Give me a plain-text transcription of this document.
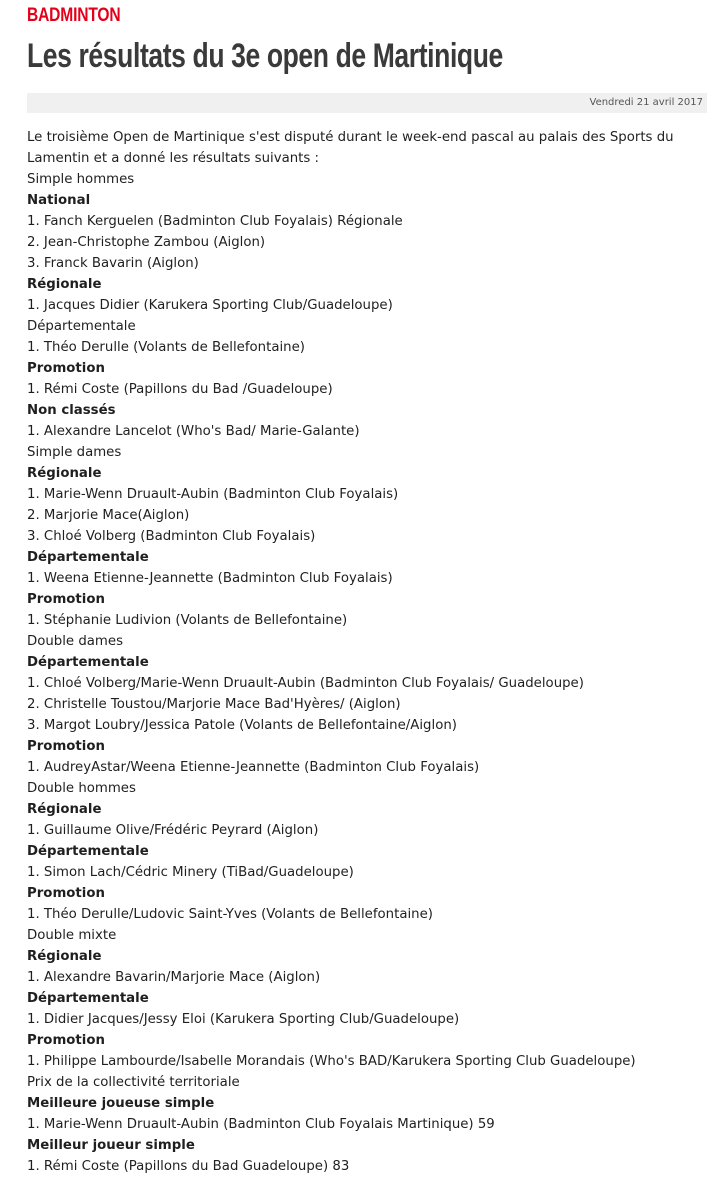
BADMINTON
Les résultats du 3e open de Martinique
Vendredi 21 avril 2017

Le troisième Open de Martinique s'est disputé durant le week-end pascal au palais des Sports du Lamentin et a donné les résultats suivants :

Simple hommes
National
1. Fanch Kerguelen (Badminton Club Foyalais) Régionale
2. Jean-Christophe Zambou (Aiglon)
3. Franck Bavarin (Aiglon)
Régionale
1. Jacques Didier (Karukera Sporting Club/Guadeloupe)
Départementale
1. Théo Derulle (Volants de Bellefontaine)
Promotion
1. Rémi Coste (Papillons du Bad /Guadeloupe)
Non classés
1. Alexandre Lancelot (Who's Bad/ Marie-Galante)
Simple dames
Régionale
1. Marie-Wenn Druault-Aubin (Badminton Club Foyalais)
2. Marjorie Mace(Aiglon)
3. Chloé Volberg (Badminton Club Foyalais)
Départementale
1. Weena Etienne-Jeannette (Badminton Club Foyalais)
Promotion
1. Stéphanie Ludivion (Volants de Bellefontaine)
Double dames
Départementale
1. Chloé Volberg/Marie-Wenn Druault-Aubin (Badminton Club Foyalais/ Guadeloupe)
2. Christelle Toustou/Marjorie Mace Bad'Hyères/ (Aiglon)
3. Margot Loubry/Jessica Patole (Volants de Bellefontaine/Aiglon)
Promotion
1. AudreyAstar/Weena Etienne-Jeannette (Badminton Club Foyalais)
Double hommes
Régionale
1. Guillaume Olive/Frédéric Peyrard (Aiglon)
Départementale
1. Simon Lach/Cédric Minery (TiBad/Guadeloupe)
Promotion
1. Théo Derulle/Ludovic Saint-Yves (Volants de Bellefontaine)
Double mixte
Régionale
1. Alexandre Bavarin/Marjorie Mace (Aiglon)
Départementale
1. Didier Jacques/Jessy Eloi (Karukera Sporting Club/Guadeloupe)
Promotion
1. Philippe Lambourde/Isabelle Morandais (Who's BAD/Karukera Sporting Club Guadeloupe)
Prix de la collectivité territoriale
Meilleure joueuse simple
1. Marie-Wenn Druault-Aubin (Badminton Club Foyalais Martinique) 59
Meilleur joueur simple
1. Rémi Coste (Papillons du Bad Guadeloupe) 83
